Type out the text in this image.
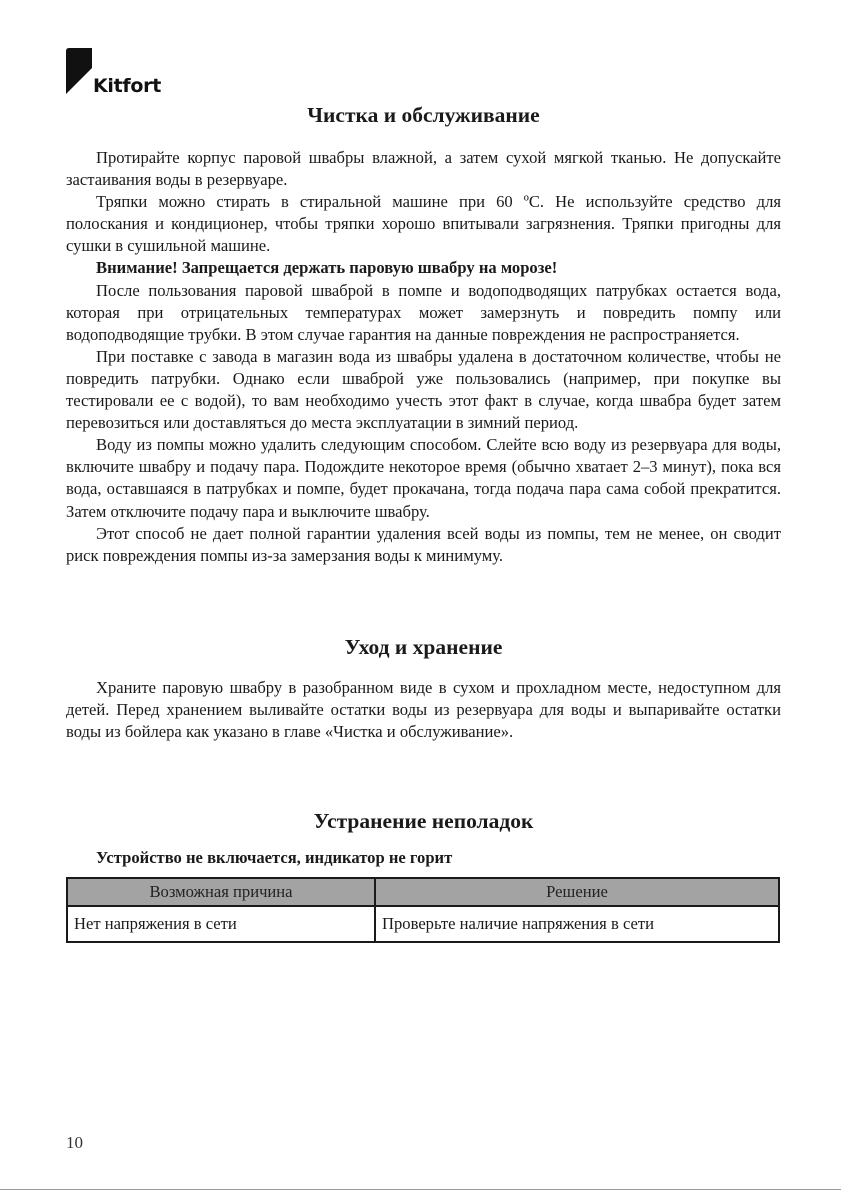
Kitfort
Чистка и обслуживание

Протирайте корпус паровой швабры влажной, а затем сухой мягкой тканью. Не допускайте застаивания воды в резервуаре.

Тряпки можно стирать в стиральной машине при 60 ºС. Не используйте средство для полоскания и кондиционер, чтобы тряпки хорошо впитывали загрязнения. Тряпки пригодны для сушки в сушильной машине.

Внимание! Запрещается держать паровую швабру на морозе!

После пользования паровой шваброй в помпе и водоподводящих патрубках остается вода, которая при отрицательных температурах может замерзнуть и повредить помпу или водоподводящие трубки. В этом случае гарантия на данные повреждения не распространяется.

При поставке с завода в магазин вода из швабры удалена в достаточном количестве, чтобы не повредить патрубки. Однако если шваброй уже пользовались (например, при покупке вы тестировали ее с водой), то вам необходимо учесть этот факт в случае, когда швабра будет затем перевозиться или доставляться до места эксплуатации в зимний период.

Воду из помпы можно удалить следующим способом. Слейте всю воду из резервуара для воды, включите швабру и подачу пара. Подождите некоторое время (обычно хватает 2–3 минут), пока вся вода, оставшаяся в патрубках и помпе, будет прокачана, тогда подача пара сама собой прекратится. Затем отключите подачу пара и выключите швабру.

Этот способ не дает полной гарантии удаления всей воды из помпы, тем не менее, он сводит риск повреждения помпы из-за замерзания воды к минимуму.

Уход и хранение

Храните паровую швабру в разобранном виде в сухом и прохладном месте, недоступном для детей. Перед хранением выливайте остатки воды из резервуара для воды и выпаривайте остатки воды из бойлера как указано в главе «Чистка и обслуживание».

Устранение неполадок
Устройство не включается, индикатор не горит
Возможная причина	Решение
Нет напряжения в сети	Проверьте наличие напряжения в сети
10
